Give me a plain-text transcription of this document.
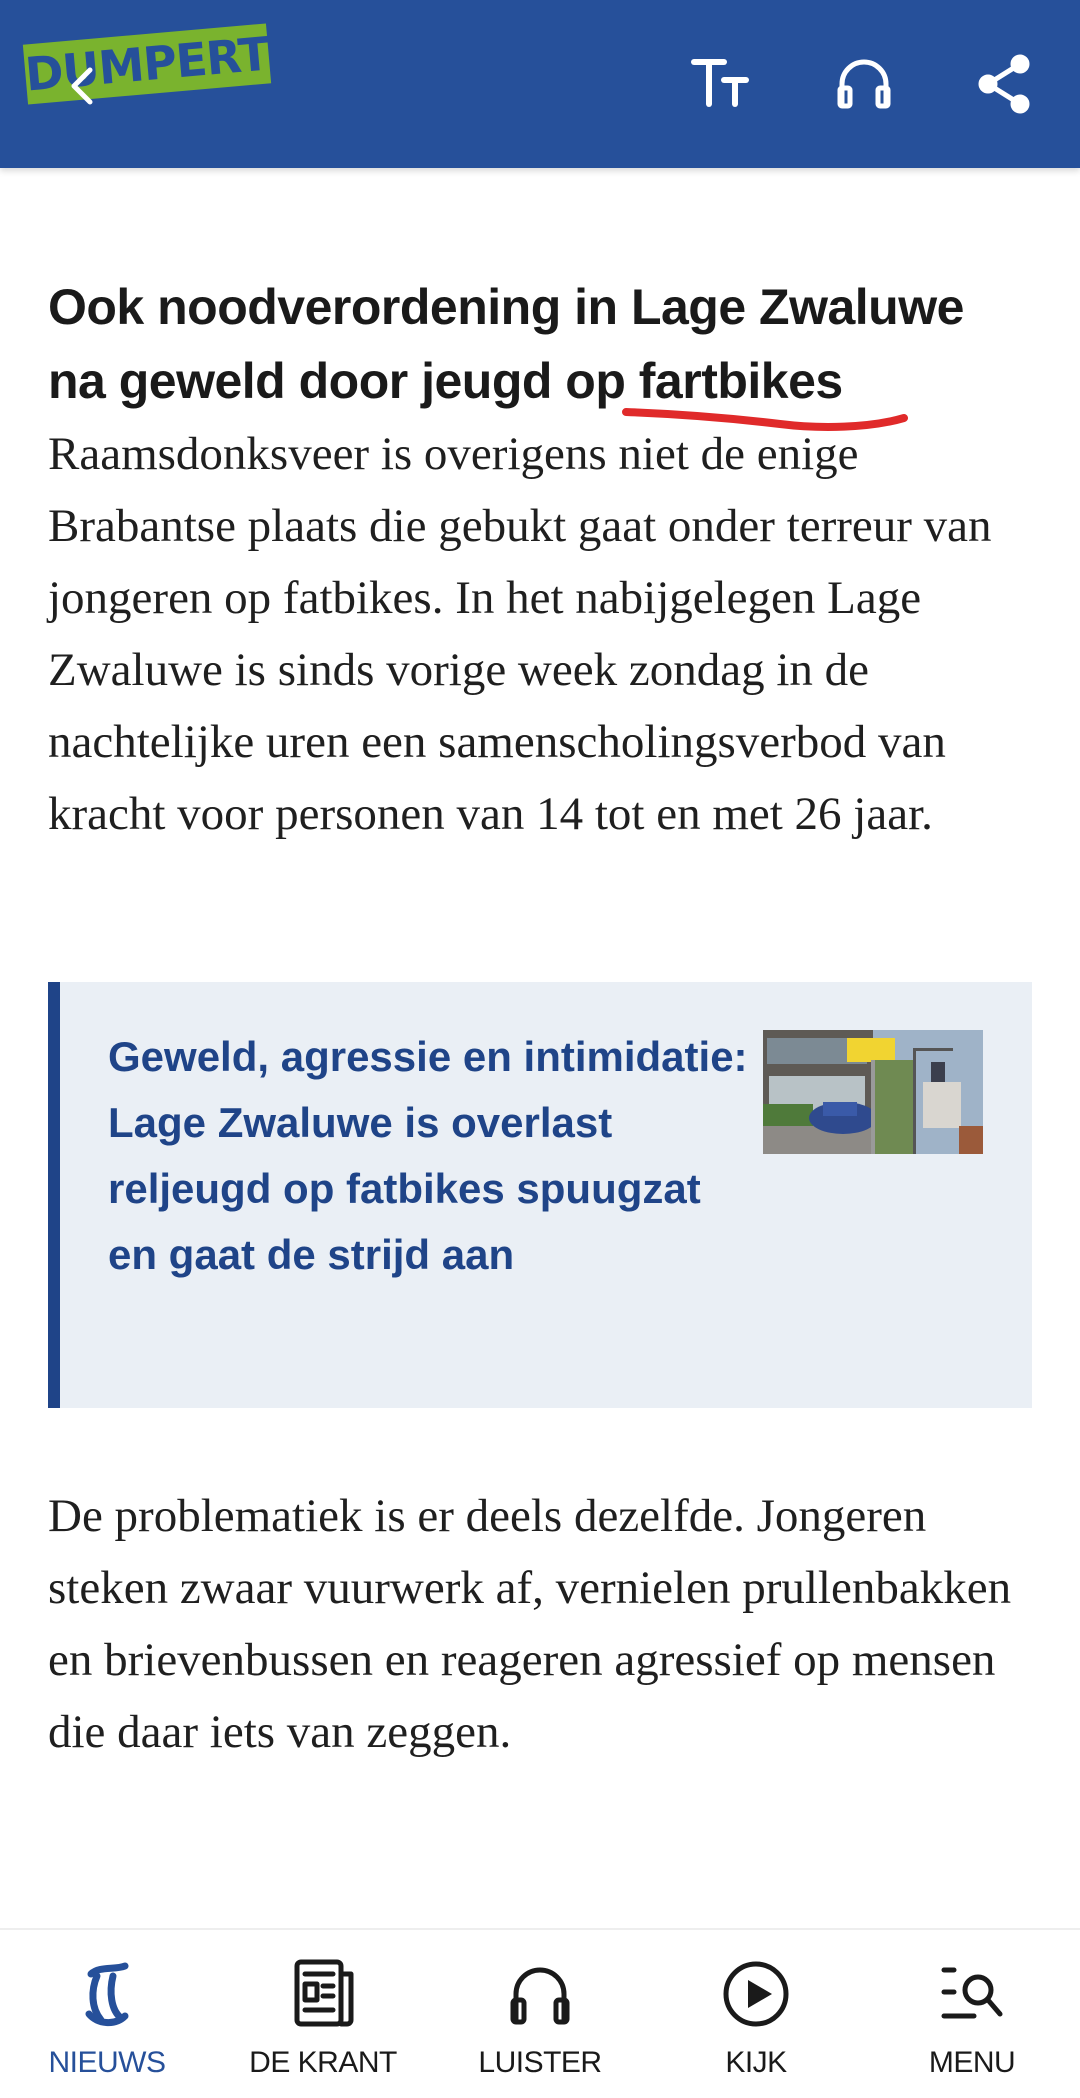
DUMPERT
Ook noodverordening in Lage Zwaluwe na geweld door jeugd op fartbikes

Raamsdonksveer is overigens niet de enige Brabantse plaats die gebukt gaat onder terreur van jongeren op fatbikes. In het nabijgelegen Lage Zwaluwe is sinds vorige week zondag in de nachtelijke uren een samenscholingsverbod van kracht voor personen van 14 tot en met 26 jaar.

Geweld, agressie en intimidatie: Lage Zwaluwe is overlast reljeugd op fatbikes spuugzat en gaat de strijd aan

De problematiek is er deels dezelfde. Jongeren steken zwaar vuurwerk af, vernielen prullenbakken en brievenbussen en reageren agressief op mensen die daar iets van zeggen.

NIEUWS	DE KRANT	LUISTER	KIJK	MENU
